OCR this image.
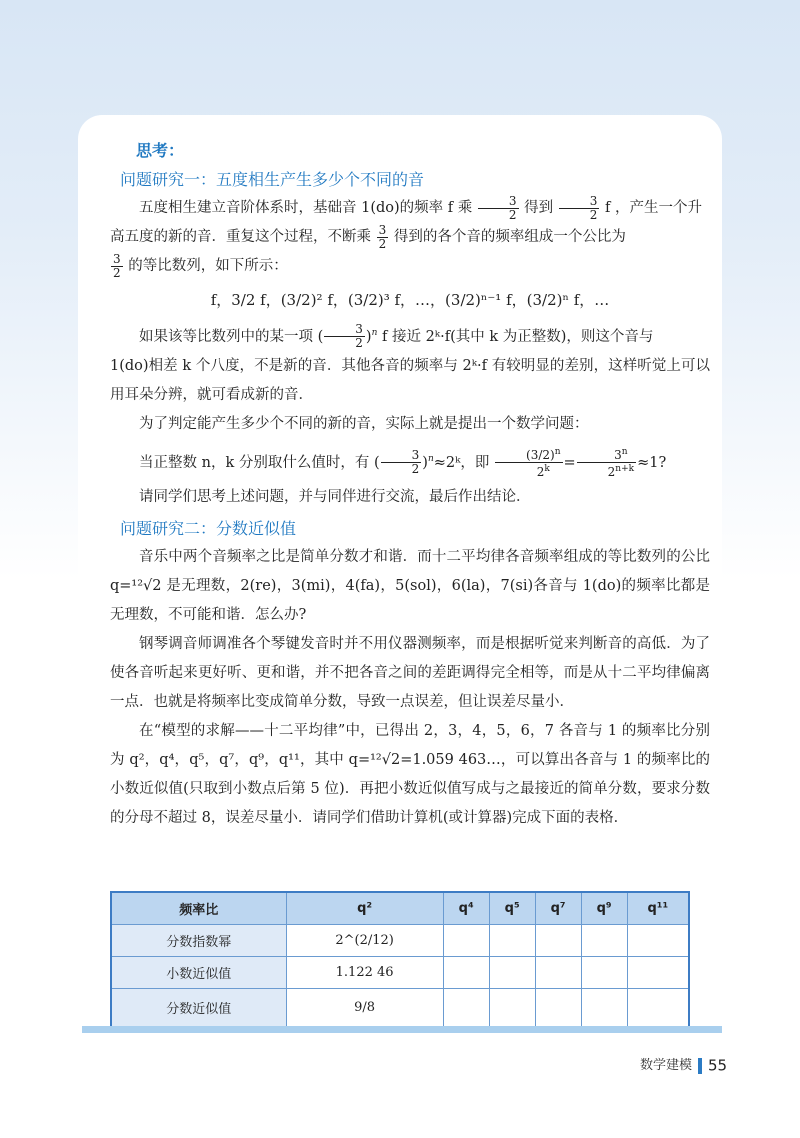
思考：
问题研究一：五度相生产生多少个不同的音

五度相生建立音阶体系时，基础音 1(do)的频率 f 乘 $\frac{3}{2}$ 得到 $\frac{3}{2}$ f ，产生一个升

高五度的新的音．重复这个过程，不断乘 $\frac{3}{2}$ 得到的各个音的频率组成一个公比为

$\frac{3}{2}$ 的等比数列，如下所示：

f，3/2 f，(3/2)² f，(3/2)³ f，…，(3/2)ⁿ⁻¹ f，(3/2)ⁿ f，…

如果该等比数列中的某一项 ( $\frac{3}{2} )^n$ f 接近 2ᵏ·f(其中 k 为正整数)，则这个音与

1(do)相差 k 个八度，不是新的音．其他各音的频率与 2ᵏ·f 有较明显的差别，这样听觉上可以用耳朵分辨，就可看成新的音．

为了判定能产生多少个不同的新的音，实际上就是提出一个数学问题：

当正整数 n，k 分别取什么值时，有 ( $\frac{3}{2}$ )$^n$≈2ᵏ，即 $\frac{(3/2)^n}{2^k} = \frac{3^n}{2^{n+k}} \approx 1$?

请同学们思考上述问题，并与同伴进行交流，最后作出结论．

问题研究二：分数近似值

音乐中两个音频率之比是简单分数才和谐．而十二平均律各音频率组成的等比数列的公比 q=¹²√2 是无理数，2(re)，3(mi)，4(fa)，5(sol)，6(la)，7(si)各音与 1(do)的频率比都是无理数，不可能和谐．怎么办?

钢琴调音师调准各个琴键发音时并不用仪器测频率，而是根据听觉来判断音的高低．为了使各音听起来更好听、更和谐，并不把各音之间的差距调得完全相等，而是从十二平均律偏离一点．也就是将频率比变成简单分数，导致一点误差，但让误差尽量小．

在“模型的求解——十二平均律”中，已得出 2，3，4，5，6，7 各音与 1 的频率比分别为 q²，q⁴，q⁵，q⁷，q⁹，q¹¹，其中 q=¹²√2=1.059 463…，可以算出各音与 1 的频率比的小数近似值(只取到小数点后第 5 位)．再把小数近似值写成与之最接近的简单分数，要求分数的分母不超过 8，误差尽量小．请同学们借助计算机(或计算器)完成下面的表格．

频率比	q²	q⁴	q⁵	q⁷	q⁹	q¹¹
分数指数幂	2^(2/12)					
小数近似值	1.122 46					
分数近似值	9/8					
数学建模 55
